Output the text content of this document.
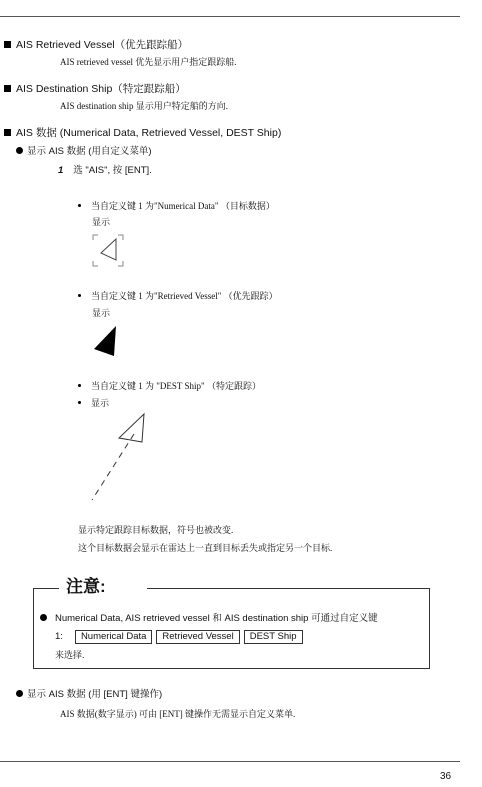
AIS Retrieved Vessel（优先跟踪船）
AIS retrieved vessel 优先显示用户指定跟踪船.
AIS Destination Ship（特定跟踪船）
AIS destination ship 显示用户特定船的方向.
AIS 数据 (Numerical Data, Retrieved Vessel, DEST Ship)
显示 AIS 数据 (用自定义菜单)
1 选 "AIS", 按 [ENT].
当自定义键 1 为"Numerical Data" （目标数据）
显示
当自定义键 1 为"Retrieved Vessel" （优先跟踪）
显示
当自定义键 1 为 "DEST Ship" （特定跟踪）
显示
显示特定跟踪目标数据，符号也被改变.
这个目标数据会显示在雷达上一直到目标丢失或指定另一个目标.
注意:
Numerical Data, AIS retrieved vessel 和 AIS destination ship 可通过自定义键
1: Numerical Data Retrieved Vessel DEST Ship
来选择.
显示 AIS 数据 (用 [ENT] 键操作)
AIS 数据(数字显示) 可由 [ENT] 键操作无需显示自定义菜单.
36
